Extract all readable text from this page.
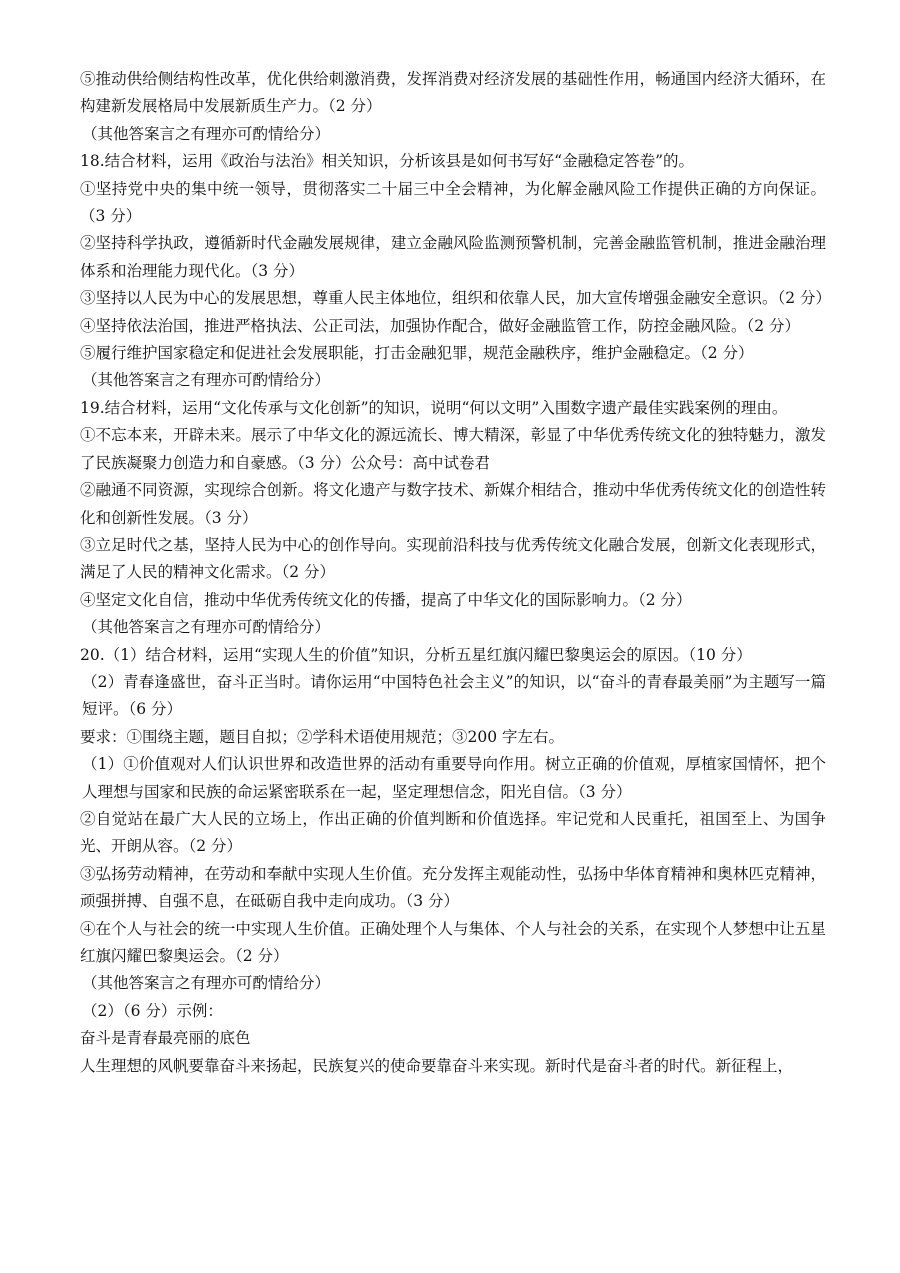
⑤推动供给侧结构性改革，优化供给刺激消费，发挥消费对经济发展的基础性作用，畅通国内经济大循环，在构建新发展格局中发展新质生产力。（2 分）

（其他答案言之有理亦可酌情给分）

18.结合材料，运用《政治与法治》相关知识，分析该县是如何书写好“金融稳定答卷”的。

①坚持党中央的集中统一领导，贯彻落实二十届三中全会精神，为化解金融风险工作提供正确的方向保证。（3 分）

②坚持科学执政，遵循新时代金融发展规律，建立金融风险监测预警机制，完善金融监管机制，推进金融治理体系和治理能力现代化。（3 分）

③坚持以人民为中心的发展思想，尊重人民主体地位，组织和依靠人民，加大宣传增强金融安全意识。（2 分）

④坚持依法治国，推进严格执法、公正司法，加强协作配合，做好金融监管工作，防控金融风险。（2 分）

⑤履行维护国家稳定和促进社会发展职能，打击金融犯罪，规范金融秩序，维护金融稳定。（2 分）

（其他答案言之有理亦可酌情给分）

19.结合材料，运用“文化传承与文化创新”的知识，说明“何以文明”入围数字遗产最佳实践案例的理由。

①不忘本来，开辟未来。展示了中华文化的源远流长、博大精深，彰显了中华优秀传统文化的独特魅力，激发了民族凝聚力创造力和自豪感。（3 分）公众号：高中试卷君

②融通不同资源，实现综合创新。将文化遗产与数字技术、新媒介相结合，推动中华优秀传统文化的创造性转化和创新性发展。（3 分）

③立足时代之基，坚持人民为中心的创作导向。实现前沿科技与优秀传统文化融合发展，创新文化表现形式，满足了人民的精神文化需求。（2 分）

④坚定文化自信，推动中华优秀传统文化的传播，提高了中华文化的国际影响力。（2 分）

（其他答案言之有理亦可酌情给分）

20.（1）结合材料，运用“实现人生的价值”知识，分析五星红旗闪耀巴黎奥运会的原因。（10 分）

（2）青春逢盛世，奋斗正当时。请你运用“中国特色社会主义”的知识，以“奋斗的青春最美丽”为主题写一篇短评。（6 分）

要求：①围绕主题，题目自拟；②学科术语使用规范；③200 字左右。

（1）①价值观对人们认识世界和改造世界的活动有重要导向作用。树立正确的价值观，厚植家国情怀，把个人理想与国家和民族的命运紧密联系在一起，坚定理想信念，阳光自信。（3 分）

②自觉站在最广大人民的立场上，作出正确的价值判断和价值选择。牢记党和人民重托，祖国至上、为国争光、开朗从容。（2 分）

③弘扬劳动精神，在劳动和奉献中实现人生价值。充分发挥主观能动性，弘扬中华体育精神和奥林匹克精神，顽强拼搏、自强不息，在砥砺自我中走向成功。（3 分）

④在个人与社会的统一中实现人生价值。正确处理个人与集体、个人与社会的关系，在实现个人梦想中让五星红旗闪耀巴黎奥运会。（2 分）

（其他答案言之有理亦可酌情给分）

（2）（6 分）示例：

奋斗是青春最亮丽的底色

人生理想的风帆要靠奋斗来扬起，民族复兴的使命要靠奋斗来实现。新时代是奋斗者的时代。新征程上，
